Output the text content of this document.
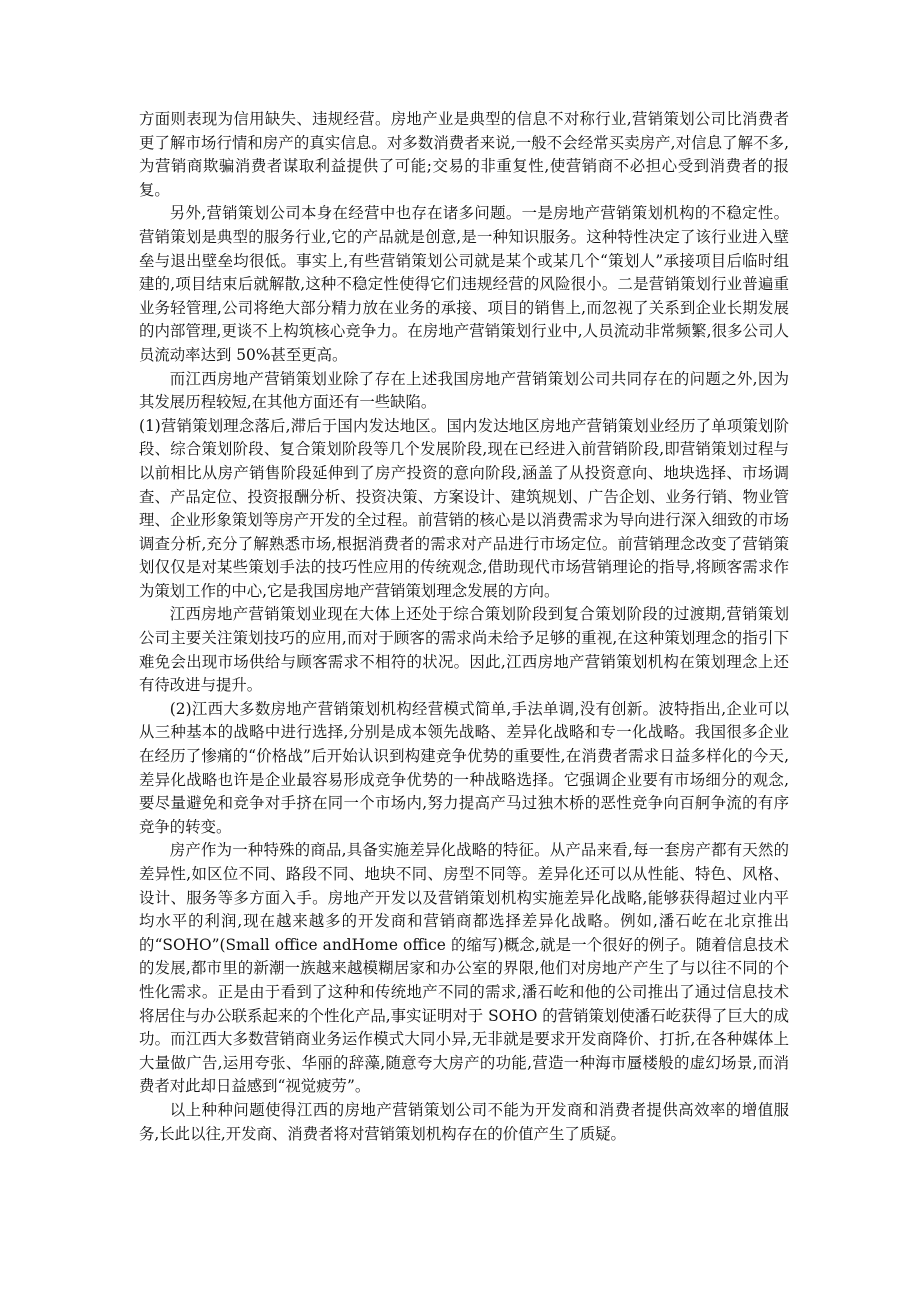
方面则表现为信用缺失、违规经营。房地产业是典型的信息不对称行业,营销策划公司比消费者更了解市场行情和房产的真实信息。对多数消费者来说,一般不会经常买卖房产,对信息了解不多,为营销商欺骗消费者谋取利益提供了可能;交易的非重复性,使营销商不必担心受到消费者的报复。

另外,营销策划公司本身在经营中也存在诸多问题。一是房地产营销策划机构的不稳定性。营销策划是典型的服务行业,它的产品就是创意,是一种知识服务。这种特性决定了该行业进入壁垒与退出壁垒均很低。事实上,有些营销策划公司就是某个或某几个“策划人”承接项目后临时组建的,项目结束后就解散,这种不稳定性使得它们违规经营的风险很小。二是营销策划行业普遍重业务轻管理,公司将绝大部分精力放在业务的承接、项目的销售上,而忽视了关系到企业长期发展的内部管理,更谈不上构筑核心竞争力。在房地产营销策划行业中,人员流动非常频繁,很多公司人员流动率达到 50%甚至更高。

而江西房地产营销策划业除了存在上述我国房地产营销策划公司共同存在的问题之外,因为其发展历程较短,在其他方面还有一些缺陷。

(1)营销策划理念落后,滞后于国内发达地区。国内发达地区房地产营销策划业经历了单项策划阶段、综合策划阶段、复合策划阶段等几个发展阶段,现在已经进入前营销阶段,即营销策划过程与以前相比从房产销售阶段延伸到了房产投资的意向阶段,涵盖了从投资意向、地块选择、市场调查、产品定位、投资报酬分析、投资决策、方案设计、建筑规划、广告企划、业务行销、物业管理、企业形象策划等房产开发的全过程。前营销的核心是以消费需求为导向进行深入细致的市场调查分析,充分了解熟悉市场,根据消费者的需求对产品进行市场定位。前营销理念改变了营销策划仅仅是对某些策划手法的技巧性应用的传统观念,借助现代市场营销理论的指导,将顾客需求作为策划工作的中心,它是我国房地产营销策划理念发展的方向。

江西房地产营销策划业现在大体上还处于综合策划阶段到复合策划阶段的过渡期,营销策划公司主要关注策划技巧的应用,而对于顾客的需求尚未给予足够的重视,在这种策划理念的指引下难免会出现市场供给与顾客需求不相符的状况。因此,江西房地产营销策划机构在策划理念上还有待改进与提升。

(2)江西大多数房地产营销策划机构经营模式简单,手法单调,没有创新。波特指出,企业可以从三种基本的战略中进行选择,分别是成本领先战略、差异化战略和专一化战略。我国很多企业在经历了惨痛的“价格战”后开始认识到构建竞争优势的重要性,在消费者需求日益多样化的今天,差异化战略也许是企业最容易形成竞争优势的一种战略选择。它强调企业要有市场细分的观念,要尽量避免和竞争对手挤在同一个市场内,努力提高产马过独木桥的恶性竞争向百舸争流的有序竞争的转变。

房产作为一种特殊的商品,具备实施差异化战略的特征。从产品来看,每一套房产都有天然的差异性,如区位不同、路段不同、地块不同、房型不同等。差异化还可以从性能、特色、风格、设计、服务等多方面入手。房地产开发以及营销策划机构实施差异化战略,能够获得超过业内平均水平的利润,现在越来越多的开发商和营销商都选择差异化战略。例如,潘石屹在北京推出的“SOHO”(Small office andHome office 的缩写)概念,就是一个很好的例子。随着信息技术的发展,都市里的新潮一族越来越模糊居家和办公室的界限,他们对房地产产生了与以往不同的个性化需求。正是由于看到了这种和传统地产不同的需求,潘石屹和他的公司推出了通过信息技术将居住与办公联系起来的个性化产品,事实证明对于 SOHO 的营销策划使潘石屹获得了巨大的成功。而江西大多数营销商业务运作模式大同小异,无非就是要求开发商降价、打折,在各种媒体上大量做广告,运用夸张、华丽的辞藻,随意夸大房产的功能,营造一种海市蜃楼般的虚幻场景,而消费者对此却日益感到“视觉疲劳”。

以上种种问题使得江西的房地产营销策划公司不能为开发商和消费者提供高效率的增值服务,长此以往,开发商、消费者将对营销策划机构存在的价值产生了质疑。
